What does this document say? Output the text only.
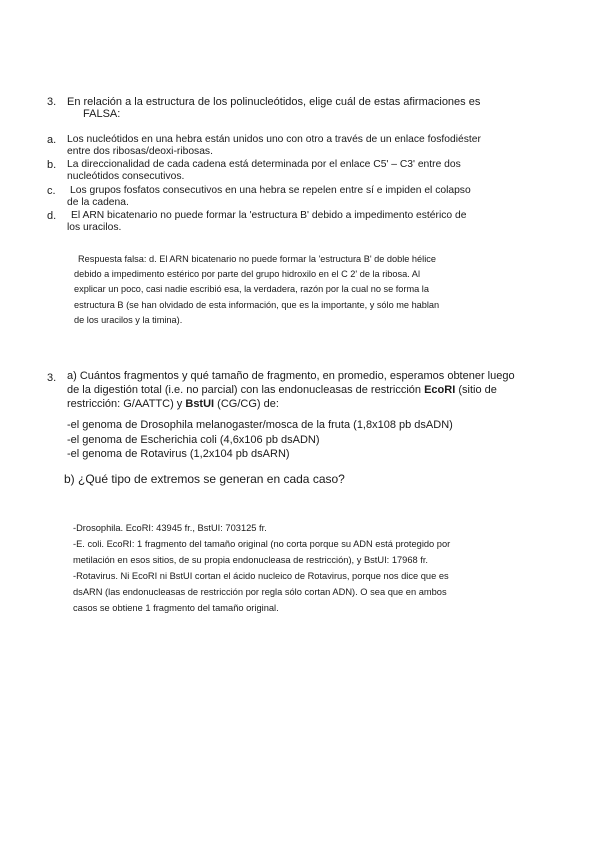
3. En relación a la estructura de los polinucleótidos, elige cuál de estas afirmaciones es
FALSA:
a. Los nucleótidos en una hebra están unidos uno con otro a través de un enlace fosfodiéster
entre dos ribosas/deoxi-ribosas.
b. La direccionalidad de cada cadena está determinada por el enlace C5' – C3' entre dos
nucleótidos consecutivos.
c. Los grupos fosfatos consecutivos en una hebra se repelen entre sí e impiden el colapso
de la cadena.
d.	El ARN bicatenario no puede formar la 'estructura B' debido a impedimento estérico de
los uracilos.
Respuesta falsa: d. El ARN bicatenario no puede formar la 'estructura B' de doble hélice
debido a impedimento estérico por parte del grupo hidroxilo en el C 2' de la ribosa. Al
explicar un poco, casi nadie escribió esa, la verdadera, razón por la cual no se forma la
estructura B (se han olvidado de esta información, que es la importante, y sólo me hablan
de los uracilos y la timina).
3. a) Cuántos fragmentos y qué tamaño de fragmento, en promedio, esperamos obtener luego
de la digestión total (i.e. no parcial) con las endonucleasas de restricción EcoRI (sitio de
restricción: G/AATTC) y BstUI (CG/CG) de:
-el genoma de Drosophila melanogaster/mosca de la fruta (1,8x108 pb dsADN)
-el genoma de Escherichia coli (4,6x106 pb dsADN)
-el genoma de Rotavirus (1,2x104 pb dsARN)
b) ¿Qué tipo de extremos se generan en cada caso?
-Drosophila. EcoRI: 43945 fr., BstUI: 703125 fr.
-E. coli. EcoRI: 1 fragmento del tamaño original (no corta porque su ADN está protegido por
metilación en esos sitios, de su propia endonucleasa de restricción), y BstUI: 17968 fr.
-Rotavirus. Ni EcoRI ni BstUI cortan el ácido nucleico de Rotavirus, porque nos dice que es
dsARN (las endonucleasas de restricción por regla sólo cortan ADN). O sea que en ambos
casos se obtiene 1 fragmento del tamaño original.
